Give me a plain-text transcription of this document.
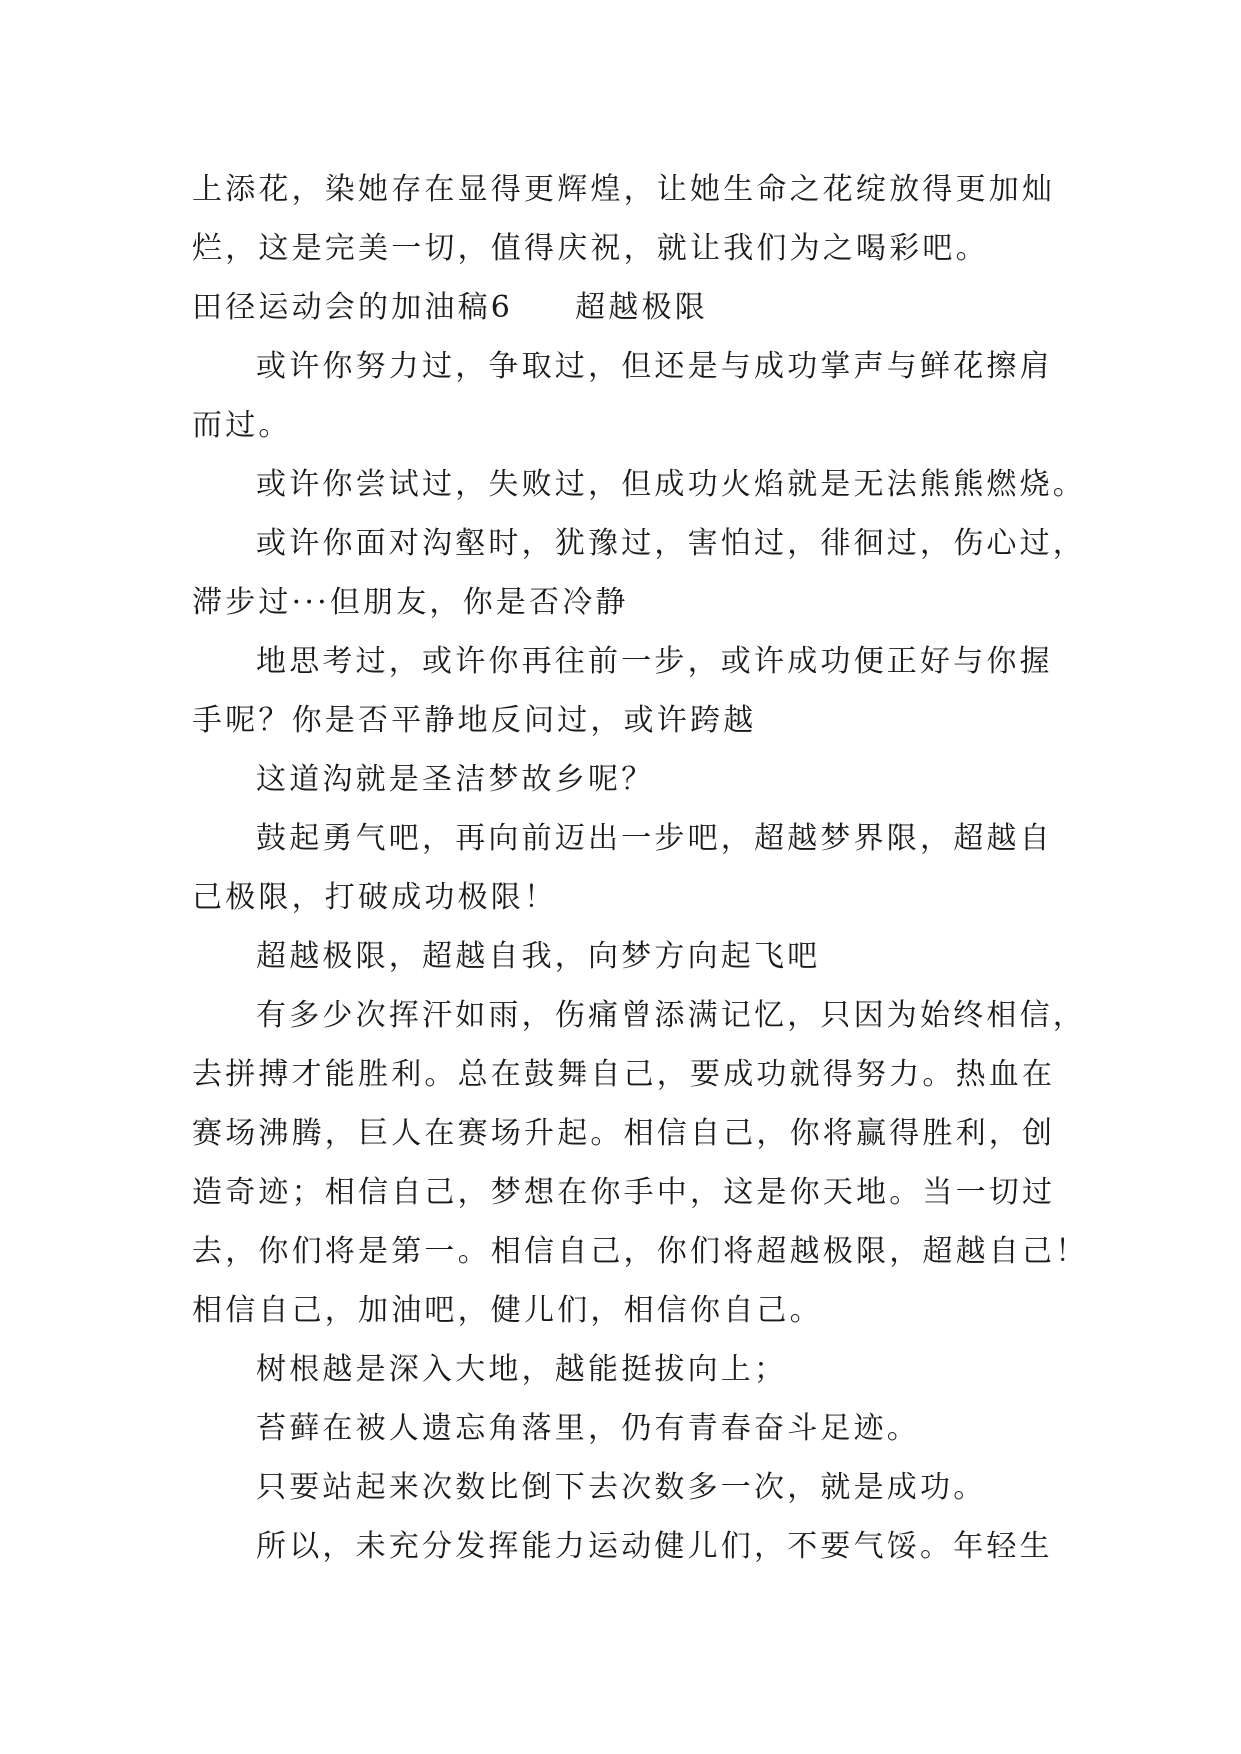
上添花，染她存在显得更辉煌，让她生命之花绽放得更加灿
烂，这是完美一切，值得庆祝，就让我们为之喝彩吧。
田径运动会的加油稿6 超越极限
或许你努力过，争取过，但还是与成功掌声与鲜花擦肩
而过。
或许你尝试过，失败过，但成功火焰就是无法熊熊燃烧。
或许你面对沟壑时，犹豫过，害怕过，徘徊过，伤心过，
滞步过···但朋友，你是否冷静
地思考过，或许你再往前一步，或许成功便正好与你握
手呢？你是否平静地反问过，或许跨越
这道沟就是圣洁梦故乡呢？
鼓起勇气吧，再向前迈出一步吧，超越梦界限，超越自
己极限，打破成功极限！
超越极限，超越自我，向梦方向起飞吧
有多少次挥汗如雨，伤痛曾添满记忆，只因为始终相信，
去拼搏才能胜利。总在鼓舞自己，要成功就得努力。热血在
赛场沸腾，巨人在赛场升起。相信自己，你将赢得胜利，创
造奇迹；相信自己，梦想在你手中，这是你天地。当一切过
去，你们将是第一。相信自己，你们将超越极限，超越自己！
相信自己，加油吧，健儿们，相信你自己。
树根越是深入大地，越能挺拔向上；
苔藓在被人遗忘角落里，仍有青春奋斗足迹。
只要站起来次数比倒下去次数多一次，就是成功。
所以，未充分发挥能力运动健儿们，不要气馁。年轻生
